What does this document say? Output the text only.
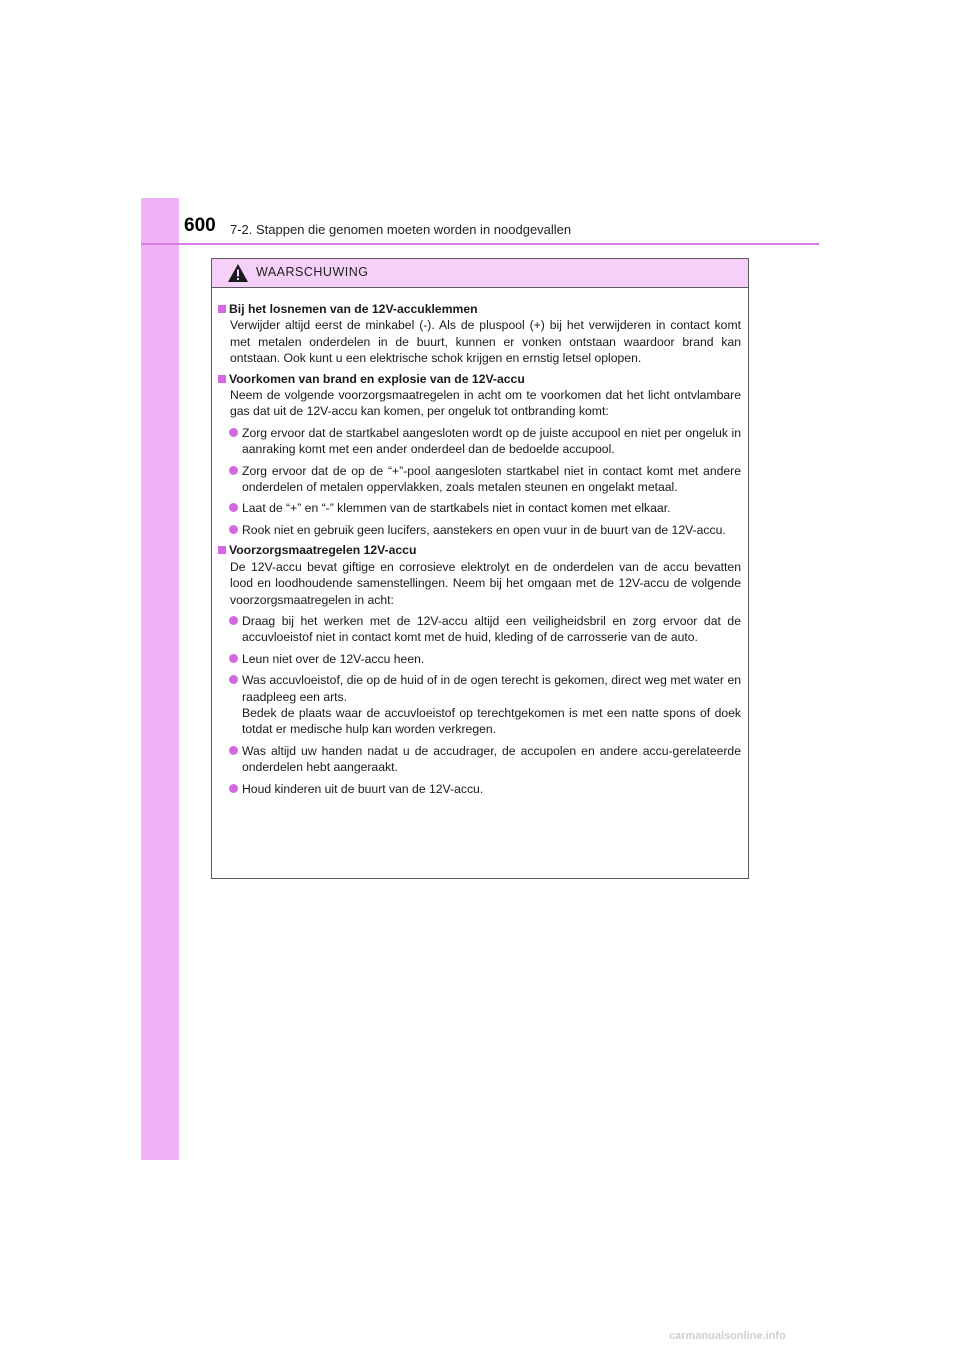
600 7-2. Stappen die genomen moeten worden in noodgevallen
WAARSCHUWING
Bij het losnemen van de 12V-accuklemmen
Verwijder altijd eerst de minkabel (-). Als de pluspool (+) bij het verwijderen in contact komt met metalen onderdelen in de buurt, kunnen er vonken ontstaan waardoor brand kan ontstaan. Ook kunt u een elektrische schok krijgen en ernstig letsel oplopen.
Voorkomen van brand en explosie van de 12V-accu
Neem de volgende voorzorgsmaatregelen in acht om te voorkomen dat het licht ontvlambare gas dat uit de 12V-accu kan komen, per ongeluk tot ontbranding komt:
Zorg ervoor dat de startkabel aangesloten wordt op de juiste accupool en niet per ongeluk in aanraking komt met een ander onderdeel dan de bedoelde accupool.
Zorg ervoor dat de op de “+”-pool aangesloten startkabel niet in contact komt met andere onderdelen of metalen oppervlakken, zoals metalen steunen en ongelakt metaal.
Laat de “+” en “-” klemmen van de startkabels niet in contact komen met elkaar.
Rook niet en gebruik geen lucifers, aanstekers en open vuur in de buurt van de 12V-accu.
Voorzorgsmaatregelen 12V-accu
De 12V-accu bevat giftige en corrosieve elektrolyt en de onderdelen van de accu bevatten lood en loodhoudende samenstellingen. Neem bij het omgaan met de 12V-accu de volgende voorzorgsmaatregelen in acht:
Draag bij het werken met de 12V-accu altijd een veiligheidsbril en zorg ervoor dat de accuvloeistof niet in contact komt met de huid, kleding of de carrosserie van de auto.
Leun niet over de 12V-accu heen.
Was accuvloeistof, die op de huid of in de ogen terecht is gekomen, direct weg met water en raadpleeg een arts.
Bedek de plaats waar de accuvloeistof op terechtgekomen is met een natte spons of doek totdat er medische hulp kan worden verkregen.
Was altijd uw handen nadat u de accudrager, de accupolen en andere accu-gerelateerde onderdelen hebt aangeraakt.
Houd kinderen uit de buurt van de 12V-accu.
carmanualsonline.info
